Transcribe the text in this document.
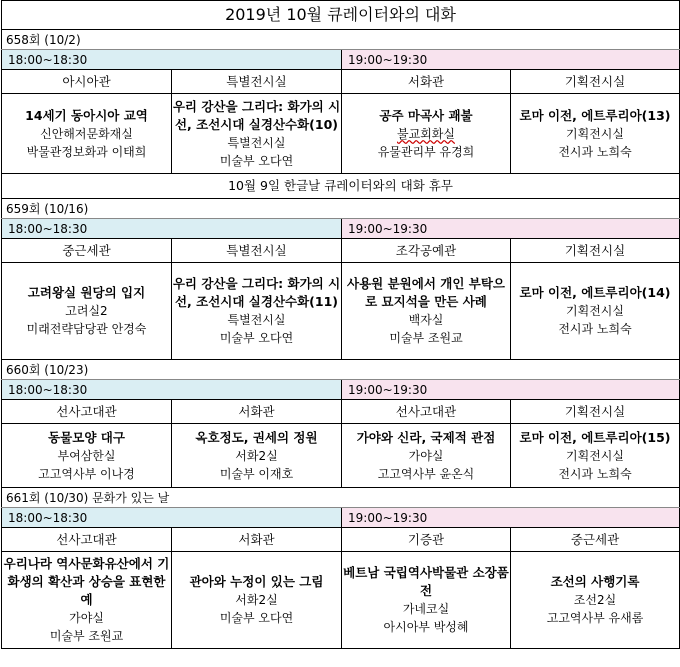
2019년 10월 큐레이터와의 대화			
658회 (10/2)			
18:00~18:30		19:00~19:30	
아시아관	특별전시실	서화관	기획전시실

14세기 동아시아 교역
신안해저문화재실
박물관정보화과 이태희	우리 강산을 그리다: 화가의 시선, 조선시대 실경산수화(10)
특별전시실
미술부 오다연	공주 마곡사 괘불
불교회화실
유물관리부 유경희	로마 이전, 에트루리아(13)
기획전시실
전시과 노희숙

10월 9일 한글날 큐레이터와의 대화 휴무			
659회 (10/16)			
18:00~18:30		19:00~19:30	
중근세관	특별전시실	조각공예관	기획전시실

고려왕실 원당의 입지
고려실2
미래전략담당관 안경숙	우리 강산을 그리다: 화가의 시선, 조선시대 실경산수화(11)
특별전시실
미술부 오다연	사용원 분원에서 개인 부탁으로 묘지석을 만든 사례
백자실
미술부 조원교	로마 이전, 에트루리아(14)
기획전시실
전시과 노희숙

660회 (10/23)			
18:00~18:30		19:00~19:30	
선사고대관	서화관	선사고대관	기획전시실

동물모양 대구
부여삼한실
고고역사부 이나경	옥호정도, 권세의 정원
서화2실
미술부 이재호	가야와 신라, 국제적 관점
가야실
고고역사부 윤온식	로마 이전, 에트루리아(15)
기획전시실
전시과 노희숙

661회 (10/30) 문화가 있는 날			
18:00~18:30		19:00~19:30	
선사고대관	서화관	기증관	중근세관

우리나라 역사문화유산에서 기화생의 확산과 상승을 표현한 예
가야실
미술부 조원교	관아와 누정이 있는 그림
서화2실
미술부 오다연	베트남 국립역사박물관 소장품전
가네코실
아시아부 박성혜	조선의 사행기록
조선2실
고고역사부 유새롬
